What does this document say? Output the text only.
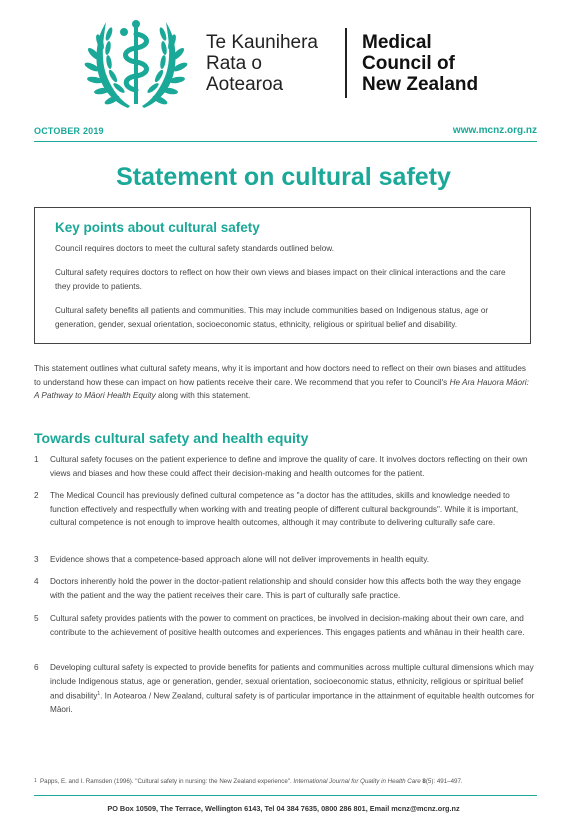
Te Kaunihera
Rata o
Aotearoa
Medical
Council of
New Zealand
OCTOBER 2019	www.mcnz.org.nz
Statement on cultural safety
Key points about cultural safety
Council requires doctors to meet the cultural safety standards outlined below.
Cultural safety requires doctors to reflect on how their own views and biases impact on their clinical interactions and the care they provide to patients.
Cultural safety benefits all patients and communities. This may include communities based on Indigenous status, age or generation, gender, sexual orientation, socioeconomic status, ethnicity, religious or spiritual belief and disability.
This statement outlines what cultural safety means, why it is important and how doctors need to reflect on their own biases and attitudes to understand how these can impact on how patients receive their care. We recommend that you refer to Council's He Ara Hauora Māori: A Pathway to Māori Health Equity along with this statement.
Towards cultural safety and health equity
1 Cultural safety focuses on the patient experience to define and improve the quality of care. It involves doctors reflecting on their own views and biases and how these could affect their decision-making and health outcomes for the patient.
2 The Medical Council has previously defined cultural competence as "a doctor has the attitudes, skills and knowledge needed to function effectively and respectfully when working with and treating people of different cultural backgrounds". While it is important, cultural competence is not enough to improve health outcomes, although it may contribute to delivering culturally safe care.
3 Evidence shows that a competence-based approach alone will not deliver improvements in health equity.
4 Doctors inherently hold the power in the doctor-patient relationship and should consider how this affects both the way they engage with the patient and the way the patient receives their care. This is part of culturally safe practice.
5 Cultural safety provides patients with the power to comment on practices, be involved in decision-making about their own care, and contribute to the achievement of positive health outcomes and experiences. This engages patients and whānau in their health care.
6 Developing cultural safety is expected to provide benefits for patients and communities across multiple cultural dimensions which may include Indigenous status, age or generation, gender, sexual orientation, socioeconomic status, ethnicity, religious or spiritual belief and disability$^1$. In Aotearoa / New Zealand, cultural safety is of particular importance in the attainment of equitable health outcomes for Māori.
1 Papps, E. and I. Ramsden (1996). "Cultural safety in nursing: the New Zealand experience". International Journal for Quality in Health Care 8(5): 491–497.
PO Box 10509, The Terrace, Wellington 6143, Tel 04 384 7635, 0800 286 801, Email mcnz@mcnz.org.nz
